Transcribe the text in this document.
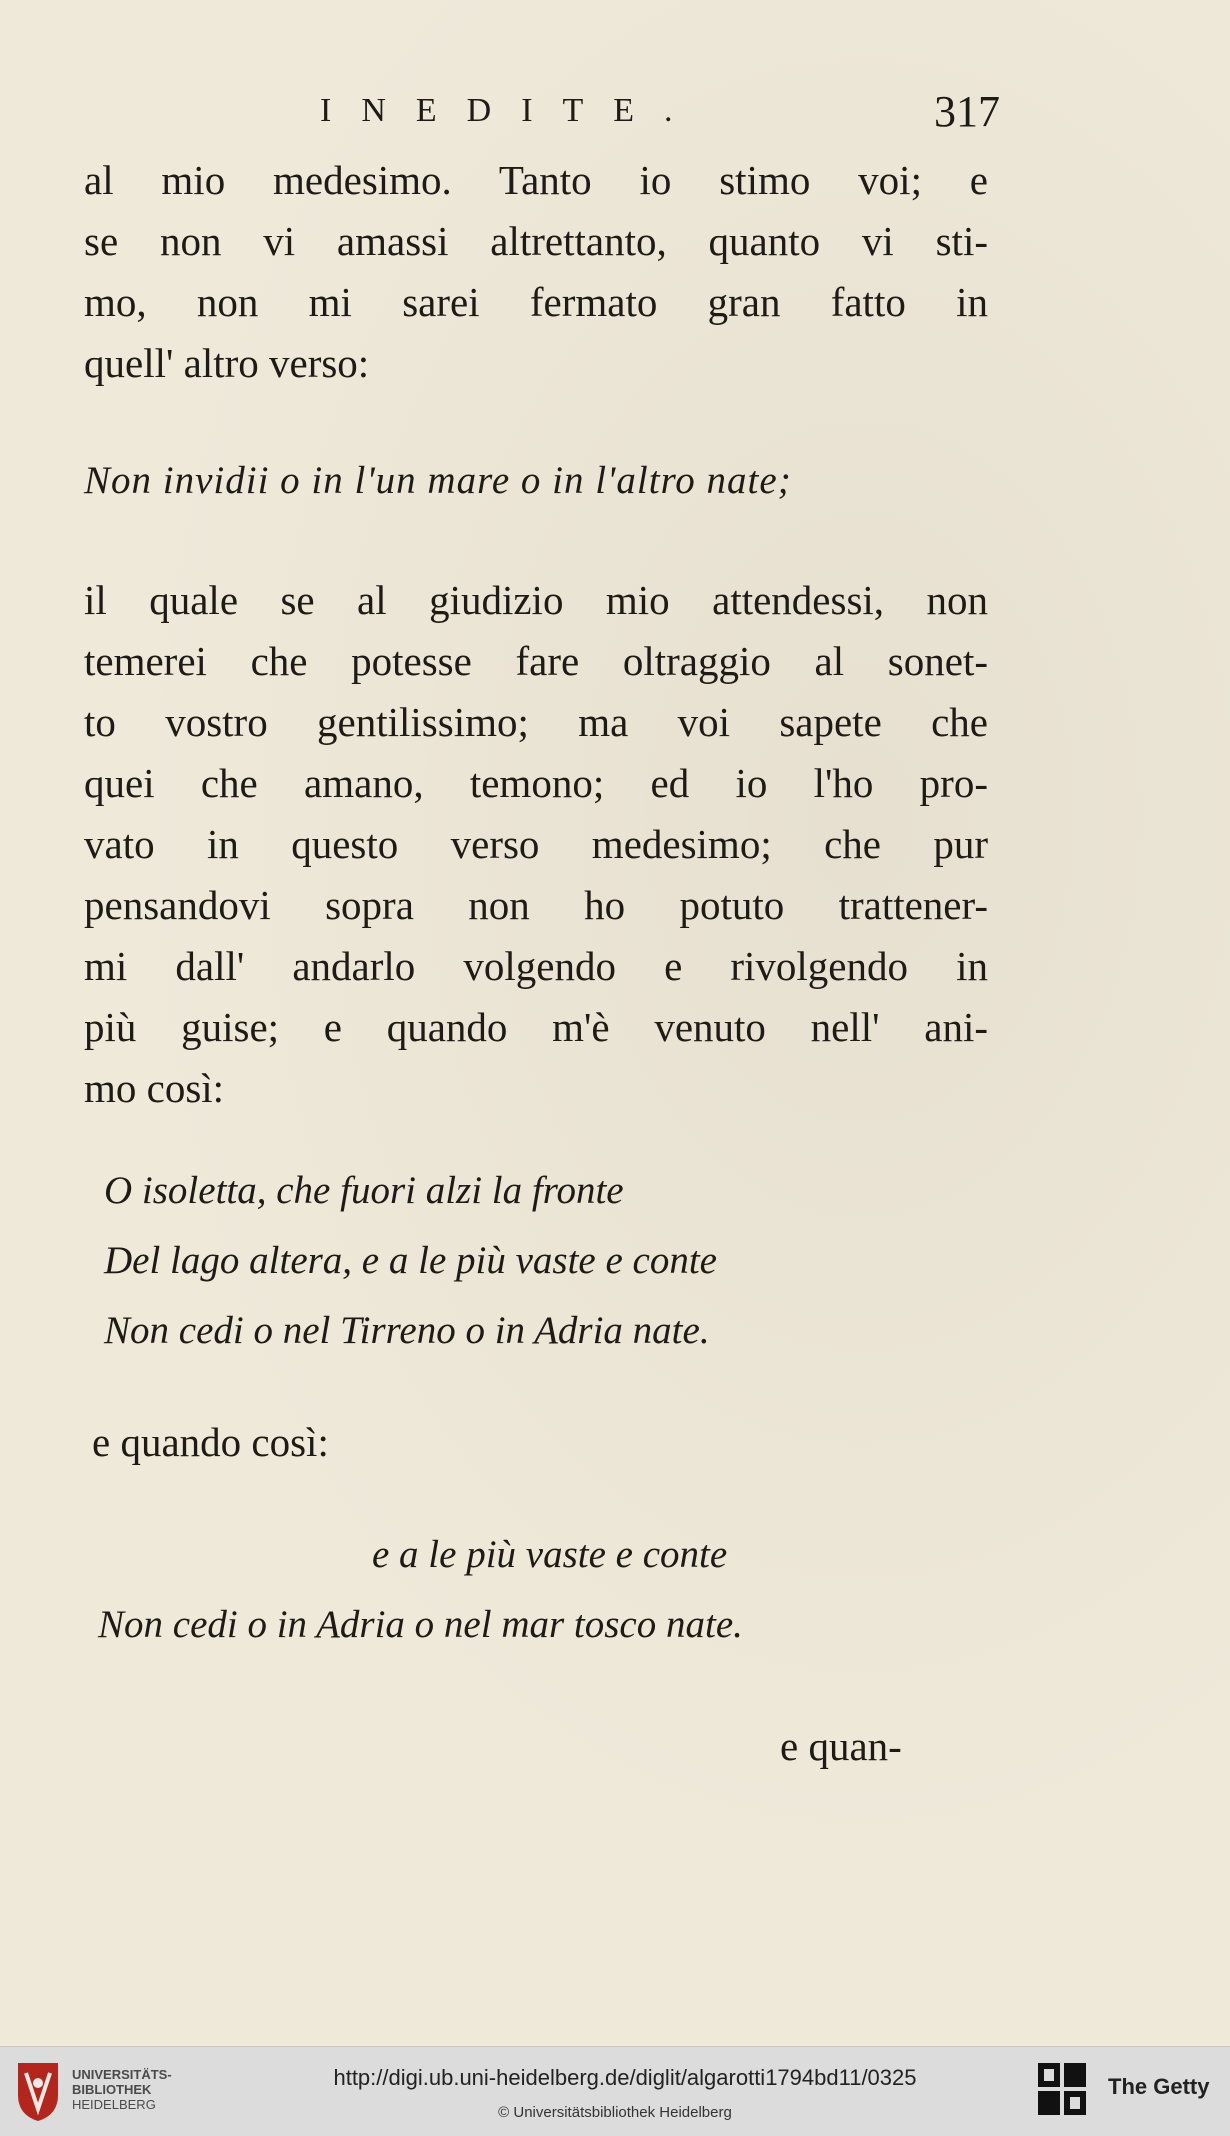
INEDITE.	317
al mio medesimo. Tanto io stimo voi; e
se non vi amassi altrettanto, quanto vi sti-
mo, non mi sarei fermato gran fatto in
quell' altro verso:
Non invidii o in l'un mare o in l'altro nate;
il quale se al giudizio mio attendessi, non
temerei che potesse fare oltraggio al sonet-
to vostro gentilissimo; ma voi sapete che
quei che amano, temono; ed io l'ho pro-
vato in questo verso medesimo; che pur
pensandovi sopra non ho potuto trattener-
mi dall' andarlo volgendo e rivolgendo in
più guise; e quando m'è venuto nell' ani-
mo così:
O isoletta, che fuori alzi la fronte
Del lago altera, e a le più vaste e conte
Non cedi o nel Tirreno o in Adria nate.
e quando così:
e a le più vaste e conte
Non cedi o in Adria o nel mar tosco nate.
e quan-
UNIVERSITÄTS-
BIBLIOTHEK
HEIDELBERG
http://digi.ub.uni-heidelberg.de/diglit/algarotti1794bd11/0325
© Universitätsbibliothek Heidelberg
The Getty
